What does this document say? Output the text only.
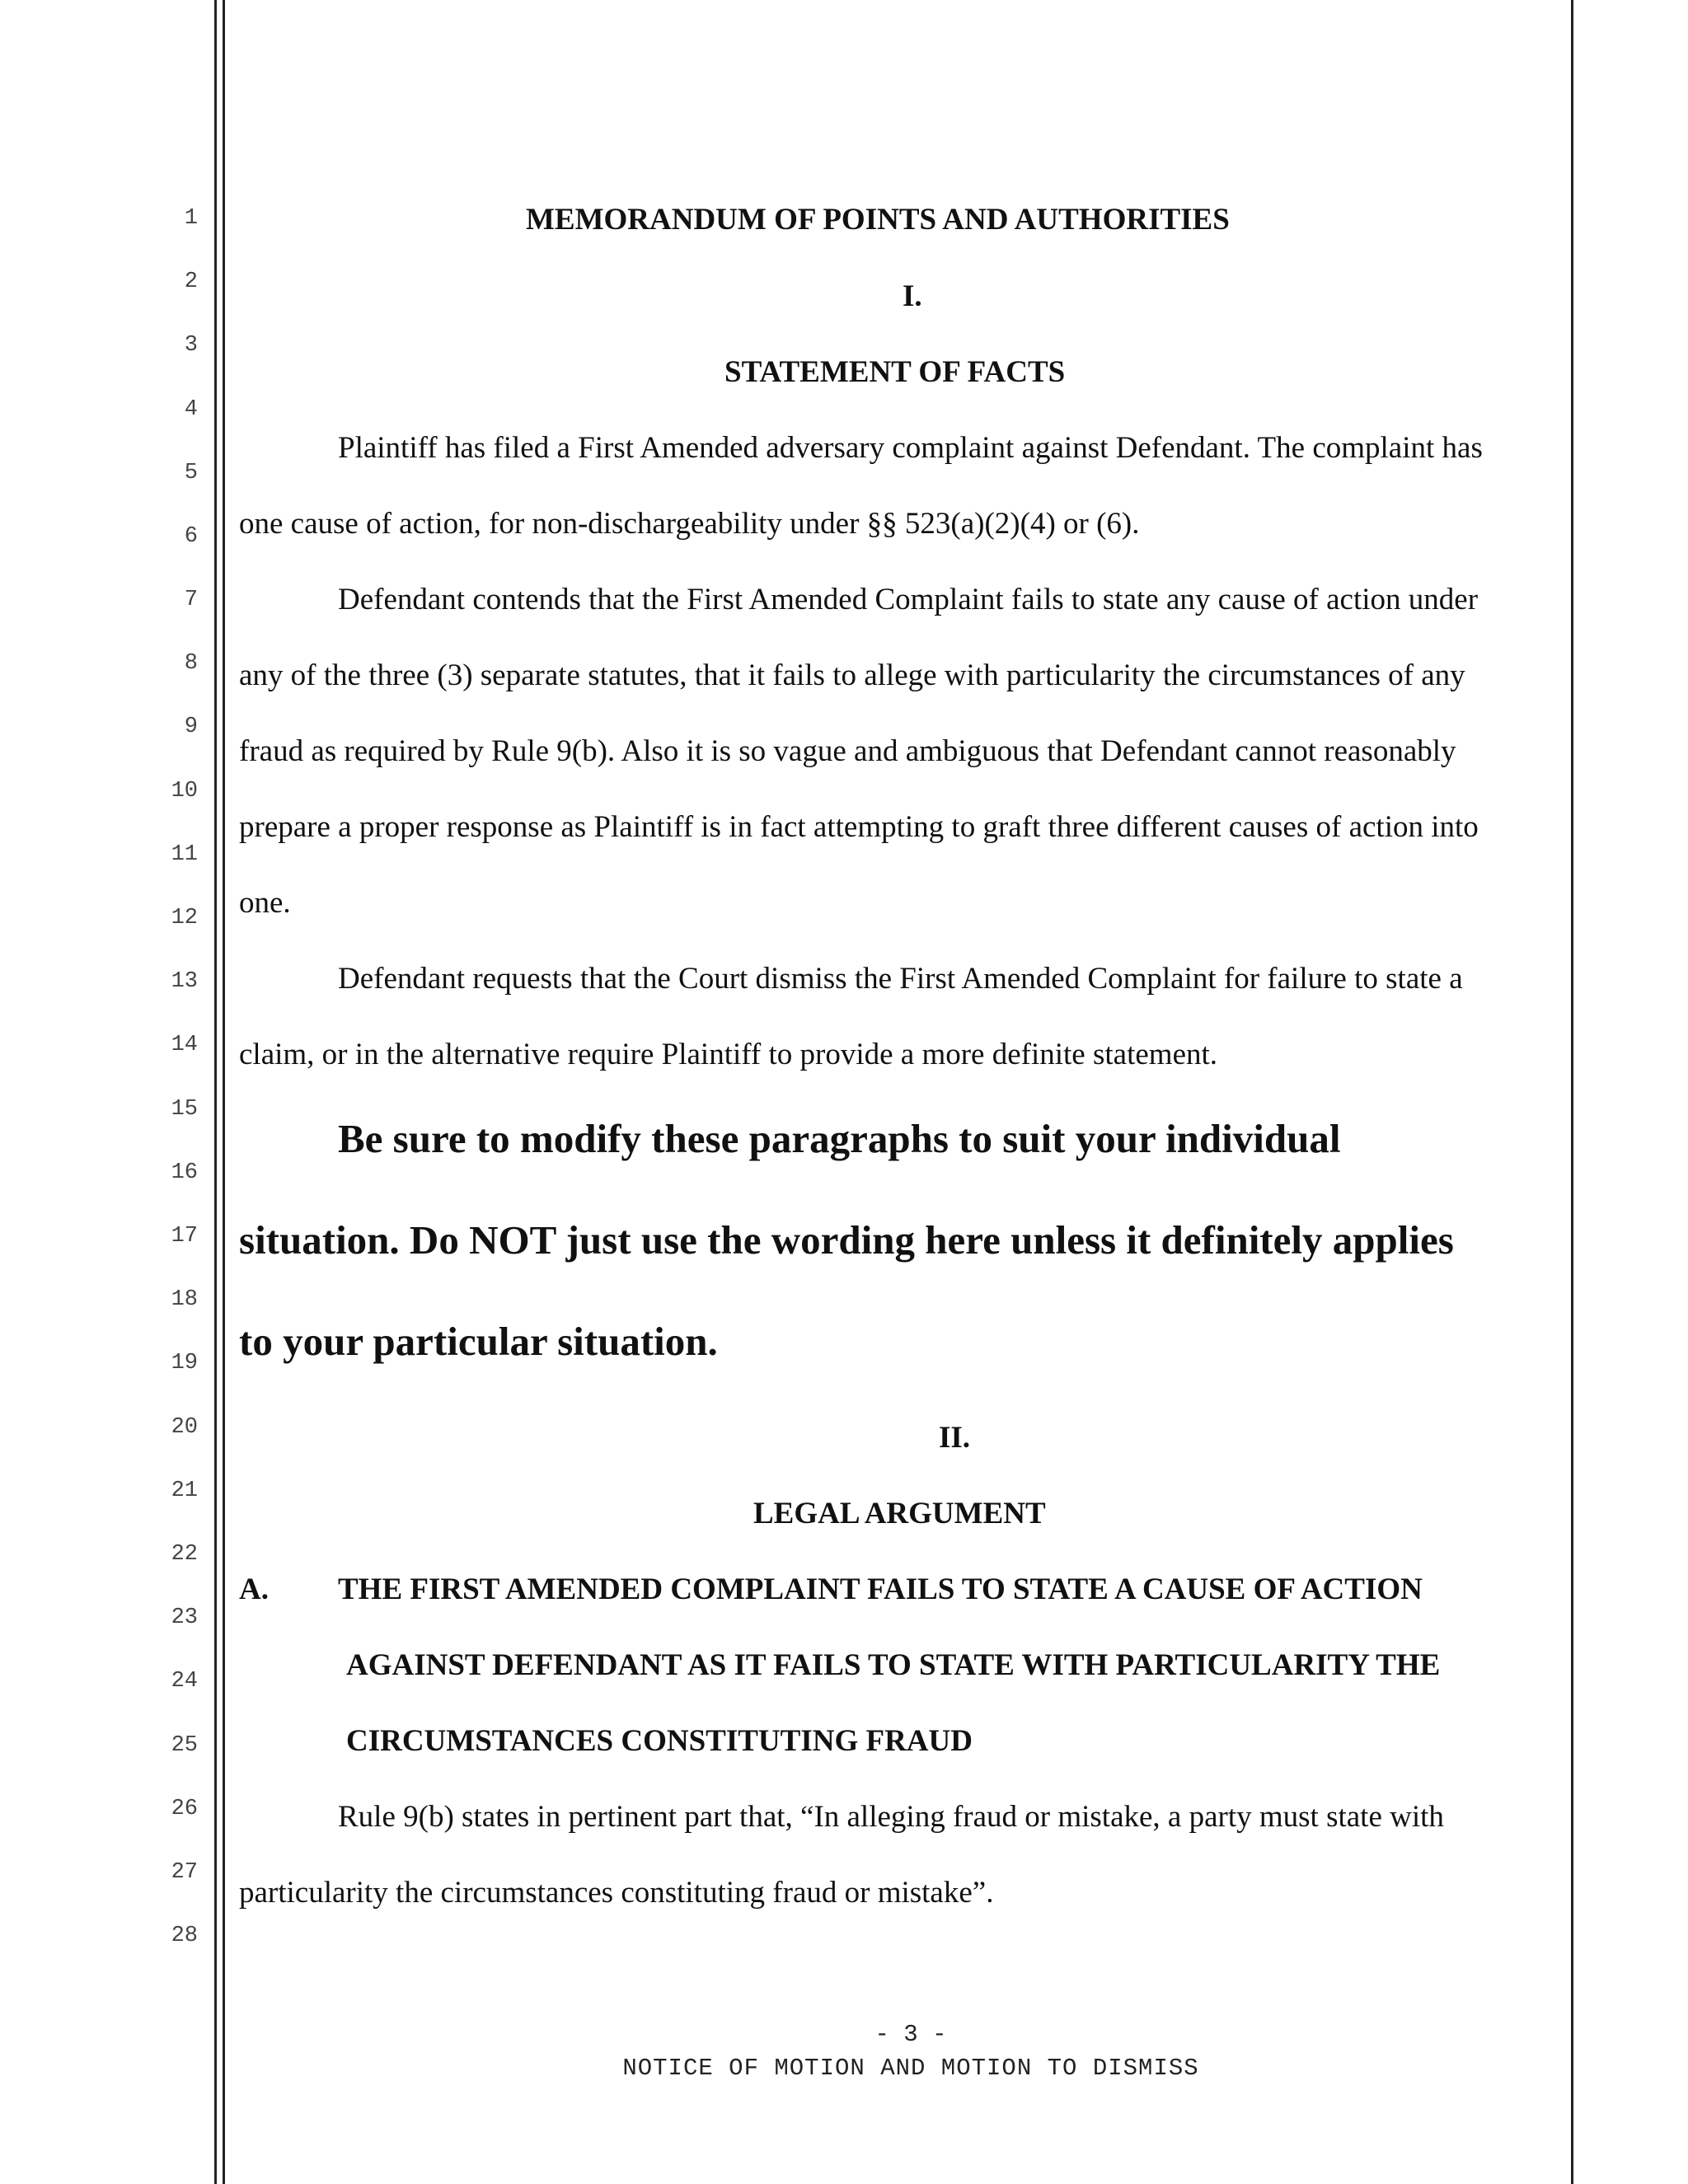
1
2
3
4
5
6
7
8
9
10
11
12
13
14
15
16
17
18
19
20
21
22
23
24
25
26
27
28
MEMORANDUM OF POINTS AND AUTHORITIES
I.
STATEMENT OF FACTS
Plaintiff has filed a First Amended adversary complaint against Defendant. The complaint has
one cause of action, for non-dischargeability under §§ 523(a)(2)(4) or (6).
Defendant contends that the First Amended Complaint fails to state any cause of action under
any of the three (3) separate statutes, that it fails to allege with particularity the circumstances of any
fraud as required by Rule 9(b). Also it is so vague and ambiguous that Defendant cannot reasonably
prepare a proper response as Plaintiff is in fact attempting to graft three different causes of action into
one.
Defendant requests that the Court dismiss the First Amended Complaint for failure to state a
claim, or in the alternative require Plaintiff to provide a more definite statement.
Be sure to modify these paragraphs to suit your individual
situation. Do NOT just use the wording here unless it definitely applies
to your particular situation.
II.
LEGAL ARGUMENT
A. THE FIRST AMENDED COMPLAINT FAILS TO STATE A CAUSE OF ACTION
AGAINST DEFENDANT AS IT FAILS TO STATE WITH PARTICULARITY THE
CIRCUMSTANCES CONSTITUTING FRAUD
Rule 9(b) states in pertinent part that, “In alleging fraud or mistake, a party must state with
particularity the circumstances constituting fraud or mistake”.
- 3 -
NOTICE OF MOTION AND MOTION TO DISMISS
